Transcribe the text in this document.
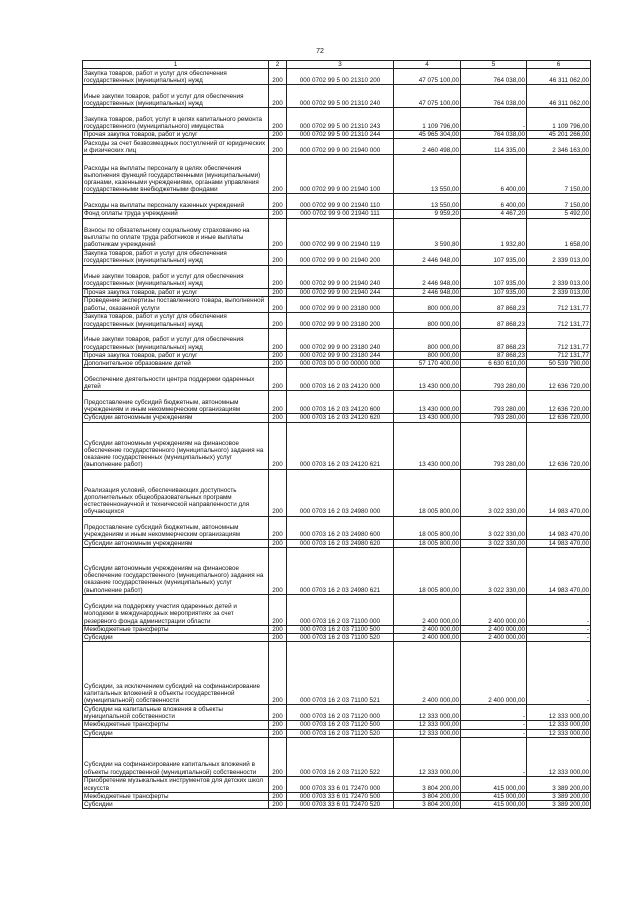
72
1	2	3	4	5	6
Закупка товаров, работ и услуг для обеспечения государственных (муниципальных) нужд	200	000 0702 99 5 00 21310 200	47 075 100,00	764 038,00	46 311 062,00
Иные закупки товаров, работ и услуг для обеспечения государственных (муниципальных) нужд	200	000 0702 99 5 00 21310 240	47 075 100,00	764 038,00	46 311 062,00
Закупка товаров, работ, услуг в целях капитального ремонта государственного (муниципального) имущества	200	000 0702 99 5 00 21310 243	1 109 796,00	-	1 109 796,00
Прочая закупка товаров, работ и услуг	200	000 0702 99 5 00 21310 244	45 965 304,00	764 038,00	45 201 266,00
Расходы за счет безвозмездных поступлений от юридических и физических лиц	200	000 0702 99 9 00 21940 000	2 460 498,00	114 335,00	2 346 163,00
Расходы на выплаты персоналу в целях обеспечения выполнения функций государственными (муниципальными) органами, казенными учреждениями, органами управления государственными внебюджетными фондами	200	000 0702 99 9 00 21940 100	13 550,00	6 400,00	7 150,00
Расходы на выплаты персоналу казенных учреждений	200	000 0702 99 9 00 21940 110	13 550,00	6 400,00	7 150,00
Фонд оплаты труда учреждений	200	000 0702 99 9 00 21940 111	9 959,20	4 467,20	5 492,00
Взносы по обязательному социальному страхованию на выплаты по оплате труда работников и иные выплаты работникам учреждений	200	000 0702 99 9 00 21940 119	3 590,80	1 932,80	1 658,00
Закупка товаров, работ и услуг для обеспечения государственных (муниципальных) нужд	200	000 0702 99 9 00 21940 200	2 446 948,00	107 935,00	2 339 013,00
Иные закупки товаров, работ и услуг для обеспечения государственных (муниципальных) нужд	200	000 0702 99 9 00 21940 240	2 446 948,00	107 935,00	2 339 013,00
Прочая закупка товаров, работ и услуг	200	000 0702 99 9 00 21940 244	2 446 948,00	107 935,00	2 339 013,00
Проведение экспертизы поставленного товара, выполненной работы, оказанной услуги	200	000 0702 99 9 00 23180 000	800 000,00	87 868,23	712 131,77
Закупка товаров, работ и услуг для обеспечения государственных (муниципальных) нужд	200	000 0702 99 9 00 23180 200	800 000,00	87 868,23	712 131,77
Иные закупки товаров, работ и услуг для обеспечения государственных (муниципальных) нужд	200	000 0702 99 9 00 23180 240	800 000,00	87 868,23	712 131,77
Прочая закупка товаров, работ и услуг	200	000 0702 99 9 00 23180 244	800 000,00	87 868,23	712 131,77
Дополнительное образование детей	200	000 0703 00 0 00 00000 000	57 170 400,00	6 630 610,00	50 539 790,00
Обеспечение деятельности центра поддержки одаренных детей	200	000 0703 16 2 03 24120 000	13 430 000,00	793 280,00	12 636 720,00
Предоставление субсидий бюджетным, автономным учреждениям и иным некоммерческим организациям	200	000 0703 16 2 03 24120 600	13 430 000,00	793 280,00	12 636 720,00
Субсидии автономным учреждениям	200	000 0703 16 2 03 24120 620	13 430 000,00	793 280,00	12 636 720,00
Субсидии автономным учреждениям на финансовое обеспечение государственного (муниципального) задания на оказание государственных (муниципальных) услуг (выполнение работ)	200	000 0703 16 2 03 24120 621	13 430 000,00	793 280,00	12 636 720,00
Реализация условий, обеспечивающих доступность дополнительных общеобразовательных программ естественнонаучной и технической направленности для обучающихся	200	000 0703 16 2 03 24980 000	18 005 800,00	3 022 330,00	14 983 470,00
Предоставление субсидий бюджетным, автономным учреждениям и иным некоммерческим организациям	200	000 0703 16 2 03 24980 600	18 005 800,00	3 022 330,00	14 983 470,00
Субсидии автономным учреждениям	200	000 0703 16 2 03 24980 620	18 005 800,00	3 022 330,00	14 983 470,00
Субсидии автономным учреждениям на финансовое обеспечение государственного (муниципального) задания на оказание государственных (муниципальных) услуг (выполнение работ)	200	000 0703 16 2 03 24980 621	18 005 800,00	3 022 330,00	14 983 470,00
Субсидии на поддержку участия одаренных детей и молодежи в международных мероприятиях за счет резервного фонда администрации области	200	000 0703 16 2 03 71100 000	2 400 000,00	2 400 000,00	-
Межбюджетные трансферты	200	000 0703 16 2 03 71100 500	2 400 000,00	2 400 000,00	-
Субсидии	200	000 0703 16 2 03 71100 520	2 400 000,00	2 400 000,00	-
Субсидии, за исключением субсидий на софинансирование капитальных вложений в объекты государственной (муниципальной) собственности	200	000 0703 16 2 03 71100 521	2 400 000,00	2 400 000,00	-
Субсидии на капитальные вложения в объекты муниципальной собственности	200	000 0703 16 2 03 71120 000	12 333 000,00	-	12 333 000,00
Межбюджетные трансферты	200	000 0703 16 2 03 71120 500	12 333 000,00	-	12 333 000,00
Субсидии	200	000 0703 16 2 03 71120 520	12 333 000,00	-	12 333 000,00
Субсидии на софинансирование капитальных вложений в объекты государственной (муниципальной) собственности	200	000 0703 16 2 03 71120 522	12 333 000,00	-	12 333 000,00
Приобретение музыкальных инструментов для детских школ искусств	200	000 0703 33 6 01 72470 000	3 804 200,00	415 000,00	3 389 200,00
Межбюджетные трансферты	200	000 0703 33 6 01 72470 500	3 804 200,00	415 000,00	3 389 200,00
Субсидии	200	000 0703 33 6 01 72470 520	3 804 200,00	415 000,00	3 389 200,00
